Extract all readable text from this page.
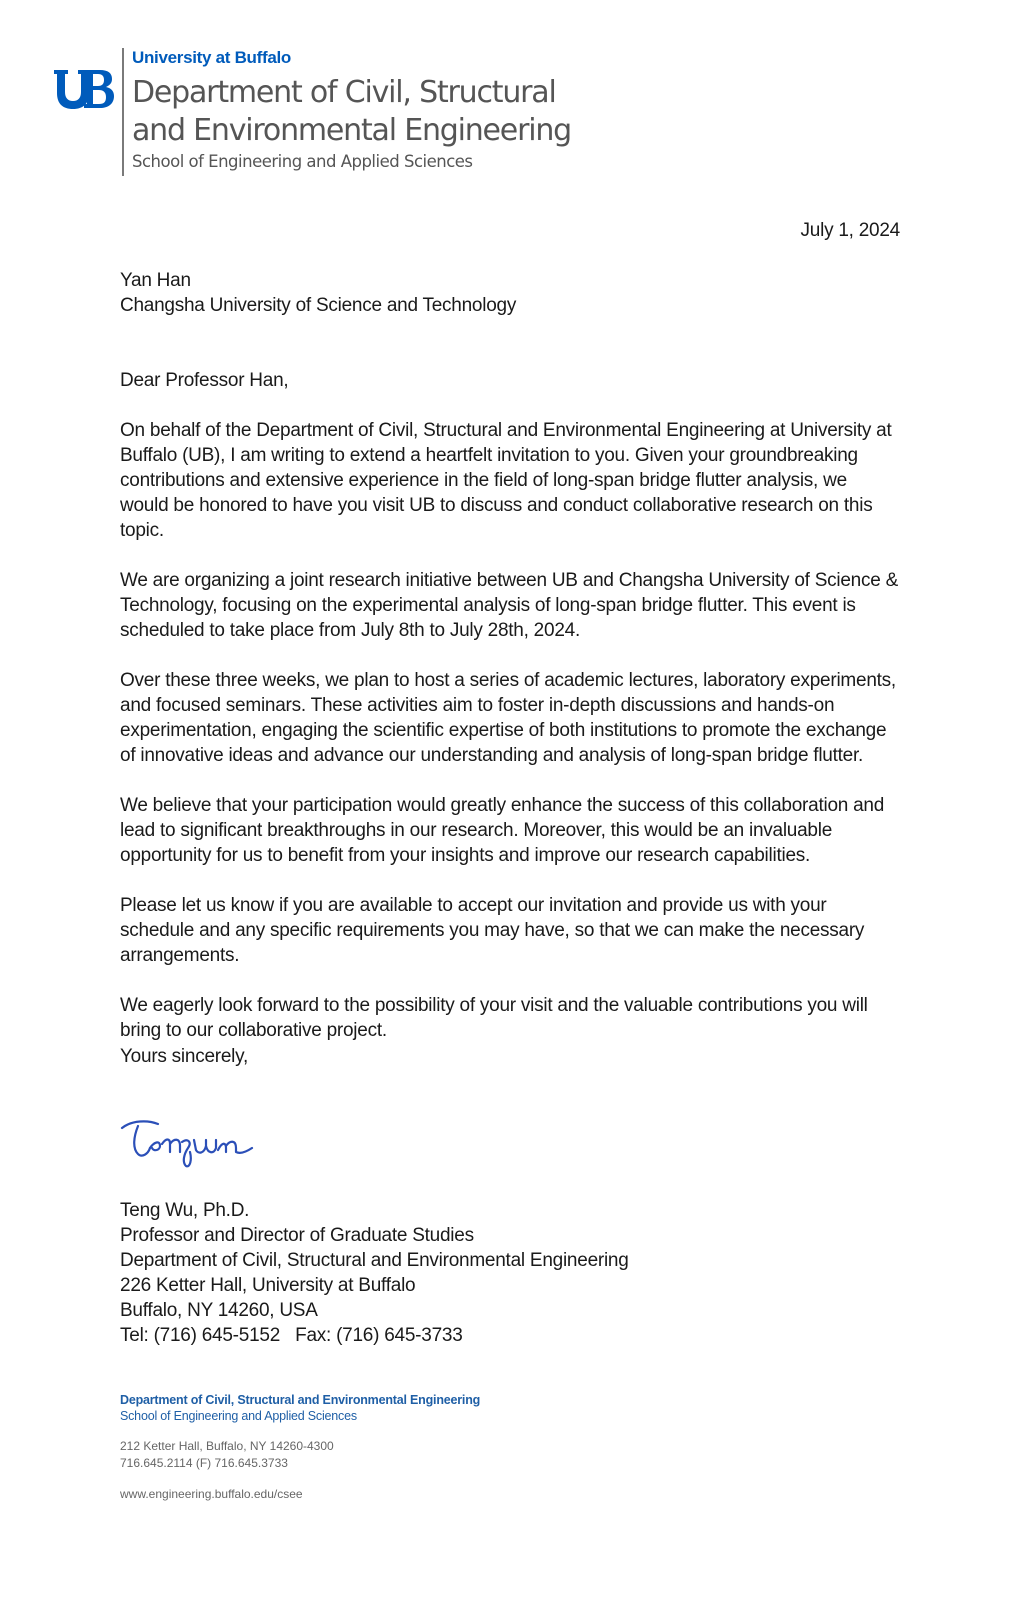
University at Buffalo
Department of Civil, Structural
and Environmental Engineering
School of Engineering and Applied Sciences
July 1, 2024
Yan Han
Changsha University of Science and Technology
Dear Professor Han,

On behalf of the Department of Civil, Structural and Environmental Engineering at University at Buffalo (UB), I am writing to extend a heartfelt invitation to you. Given your groundbreaking contributions and extensive experience in the field of long-span bridge flutter analysis, we would be honored to have you visit UB to discuss and conduct collaborative research on this topic.

We are organizing a joint research initiative between UB and Changsha University of Science & Technology, focusing on the experimental analysis of long-span bridge flutter. This event is scheduled to take place from July 8th to July 28th, 2024.

Over these three weeks, we plan to host a series of academic lectures, laboratory experiments, and focused seminars. These activities aim to foster in-depth discussions and hands-on experimentation, engaging the scientific expertise of both institutions to promote the exchange of innovative ideas and advance our understanding and analysis of long-span bridge flutter.

We believe that your participation would greatly enhance the success of this collaboration and lead to significant breakthroughs in our research. Moreover, this would be an invaluable opportunity for us to benefit from your insights and improve our research capabilities.

Please let us know if you are available to accept our invitation and provide us with your schedule and any specific requirements you may have, so that we can make the necessary arrangements.

We eagerly look forward to the possibility of your visit and the valuable contributions you will bring to our collaborative project.

Yours sincerely,
Teng Wu, Ph.D.
Professor and Director of Graduate Studies
Department of Civil, Structural and Environmental Engineering
226 Ketter Hall, University at Buffalo
Buffalo, NY 14260, USA
Tel: (716) 645-5152   Fax: (716) 645-3733
Department of Civil, Structural and Environmental Engineering
School of Engineering and Applied Sciences
212 Ketter Hall, Buffalo, NY 14260-4300
716.645.2114 (F) 716.645.3733
www.engineering.buffalo.edu/csee
